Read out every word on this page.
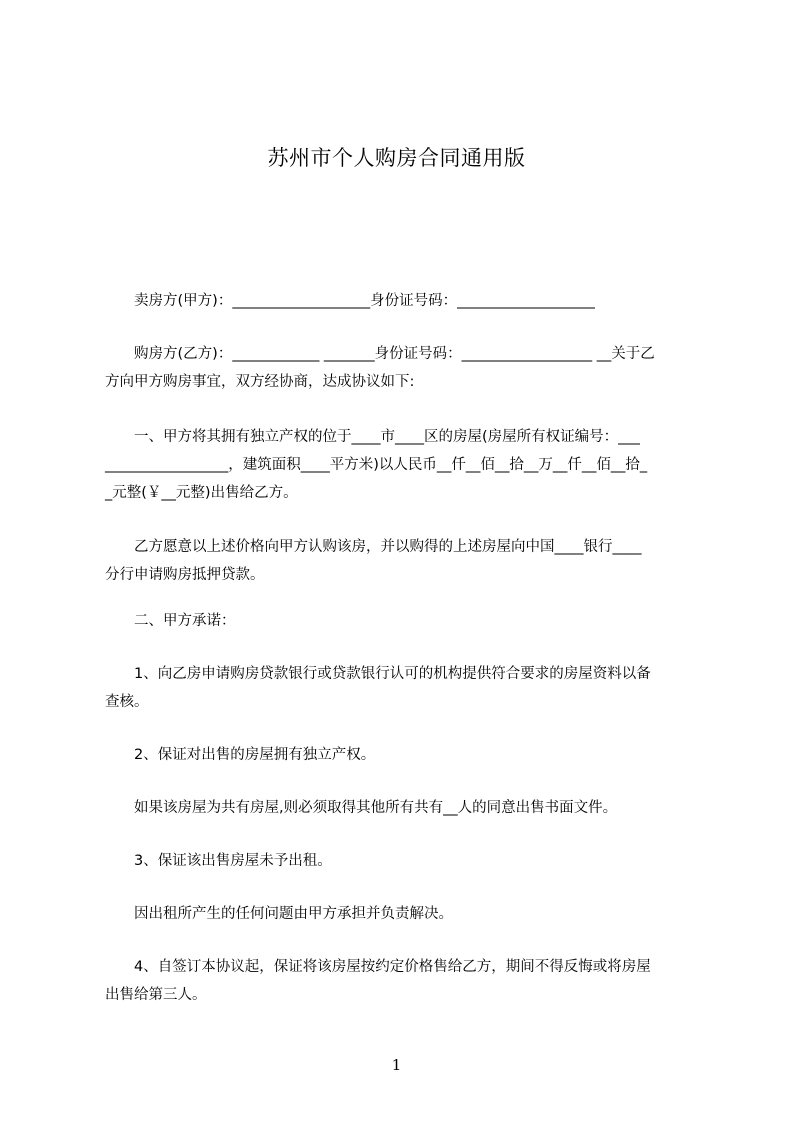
苏州市个人购房合同通用版
　　卖房方(甲方)：___________________身份证号码：___________________
　　购房方(乙方)：____________ _______身份证号码：__________________ __关于乙
方向甲方购房事宜，双方经协商，达成协议如下:
　　一、甲方将其拥有独立产权的位于____市____区的房屋(房屋所有权证编号：___
_________________，建筑面积____平方米)以人民币__仟__佰__拾__万__仟__佰__拾_
_元整(￥__元整)出售给乙方。
　　乙方愿意以上述价格向甲方认购该房，并以购得的上述房屋向中国____银行____
分行申请购房抵押贷款。
　　二、甲方承诺：
　　1、向乙房申请购房贷款银行或贷款银行认可的机构提供符合要求的房屋资料以备
查核。
　　2、保证对出售的房屋拥有独立产权。
　　如果该房屋为共有房屋,则必须取得其他所有共有__人的同意出售书面文件。
　　3、保证该出售房屋未予出租。
　　因出租所产生的任何问题由甲方承担并负责解决。
　　4、自签订本协议起，保证将该房屋按约定价格售给乙方，期间不得反悔或将房屋
出售给第三人。
1
